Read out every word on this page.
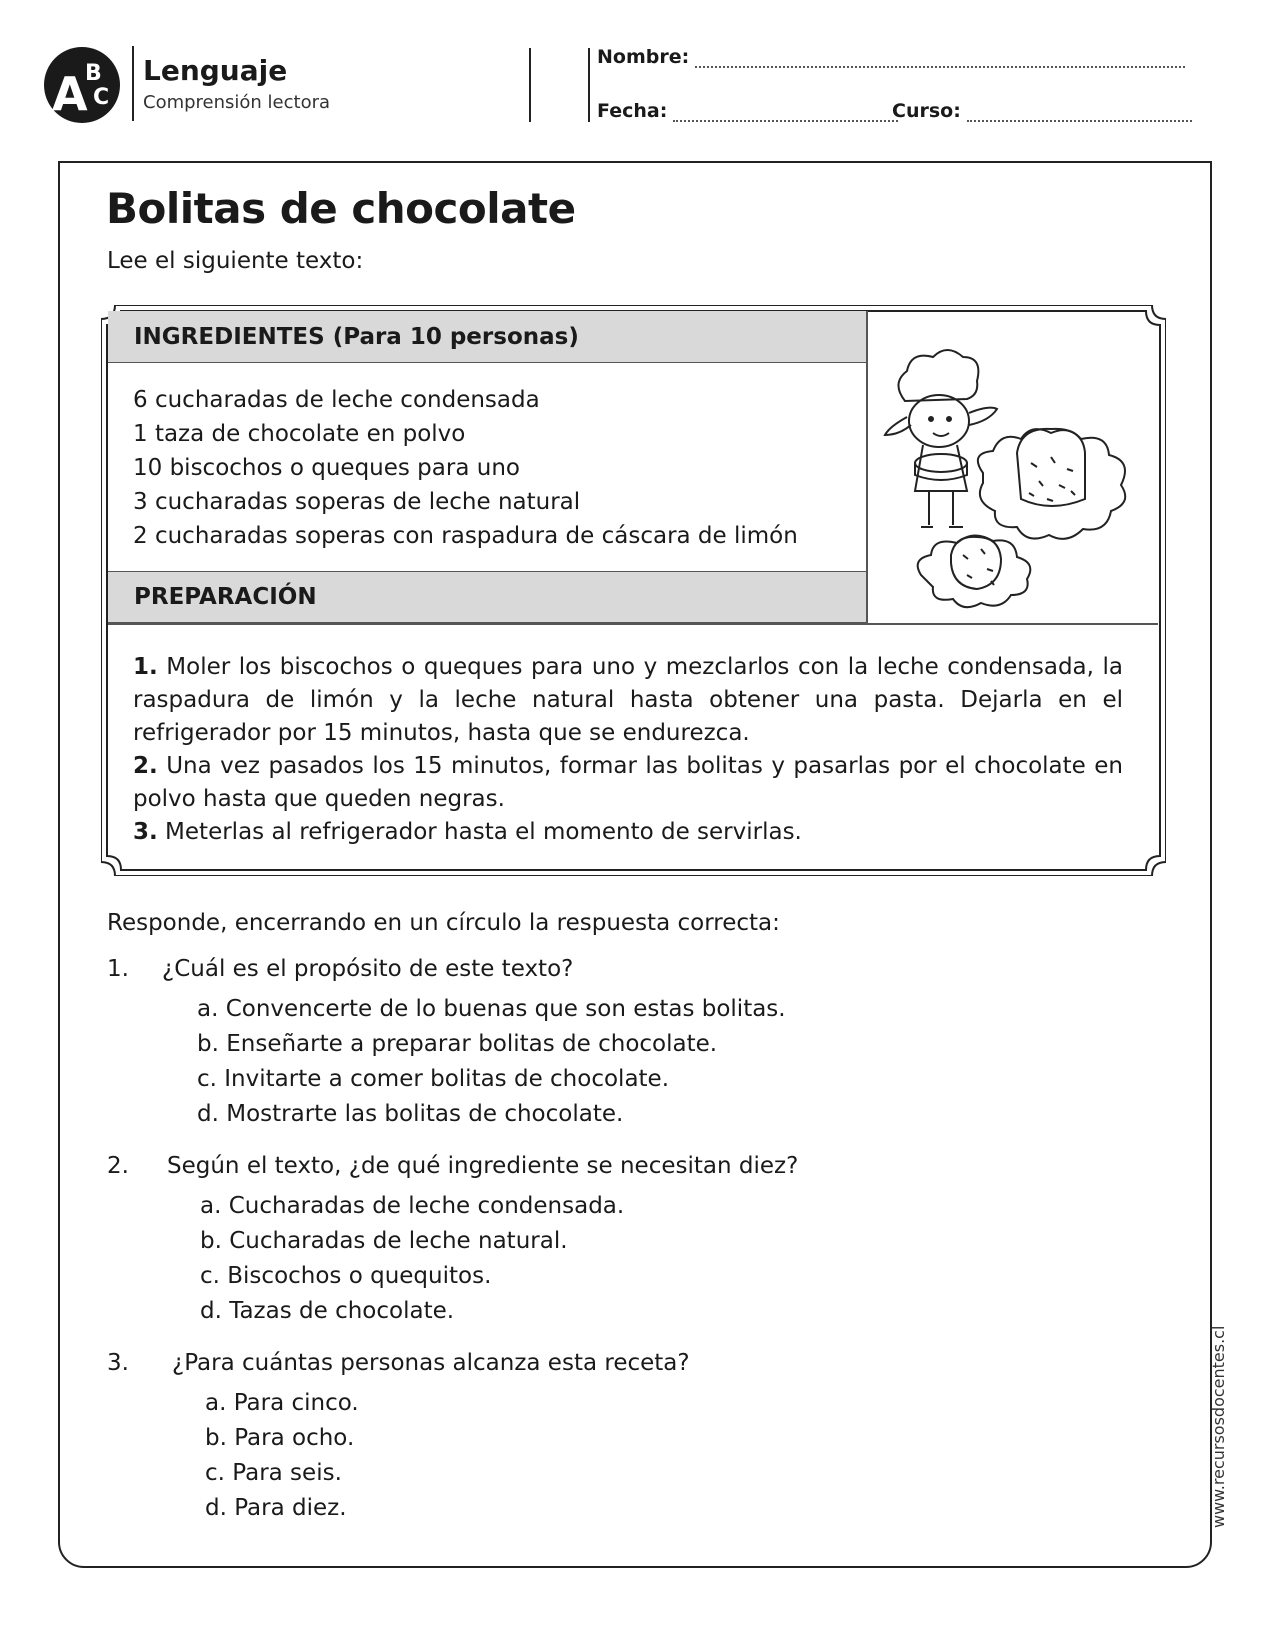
A
B
C
Lenguaje
Comprensión lectora
Nombre:
Fecha:	Curso:
Bolitas de chocolate
Lee el siguiente texto:
INGREDIENTES (Para 10 personas)
6 cucharadas de leche condensada
1 taza de chocolate en polvo
10 biscochos o queques para uno
3 cucharadas soperas de leche natural
2 cucharadas soperas con raspadura de cáscara de limón
PREPARACIÓN

1. Moler los biscochos o queques para uno y mezclarlos con la leche condensada, la raspadura de limón y la leche natural hasta obtener una pasta. Dejarla en el refrigerador por 15 minutos, hasta que se endurezca.

2. Una vez pasados los 15 minutos, formar las bolitas y pasarlas por el chocolate en polvo hasta que queden negras.

3. Meterlas al refrigerador hasta el momento de servirlas.

Responde, encerrando en un círculo la respuesta correcta:
1. ¿Cuál es el propósito de este texto?
a. Convencerte de lo buenas que son estas bolitas.
b. Enseñarte a preparar bolitas de chocolate.
c. Invitarte a comer bolitas de chocolate.
d. Mostrarte las bolitas de chocolate.
2. Según el texto, ¿de qué ingrediente se necesitan diez?
a. Cucharadas de leche condensada.
b. Cucharadas de leche natural.
c. Biscochos o quequitos.
d. Tazas de chocolate.
3. ¿Para cuántas personas alcanza esta receta?
a. Para cinco.
b. Para ocho.
c. Para seis.
d. Para diez.	www.recursosdocentes.cl
